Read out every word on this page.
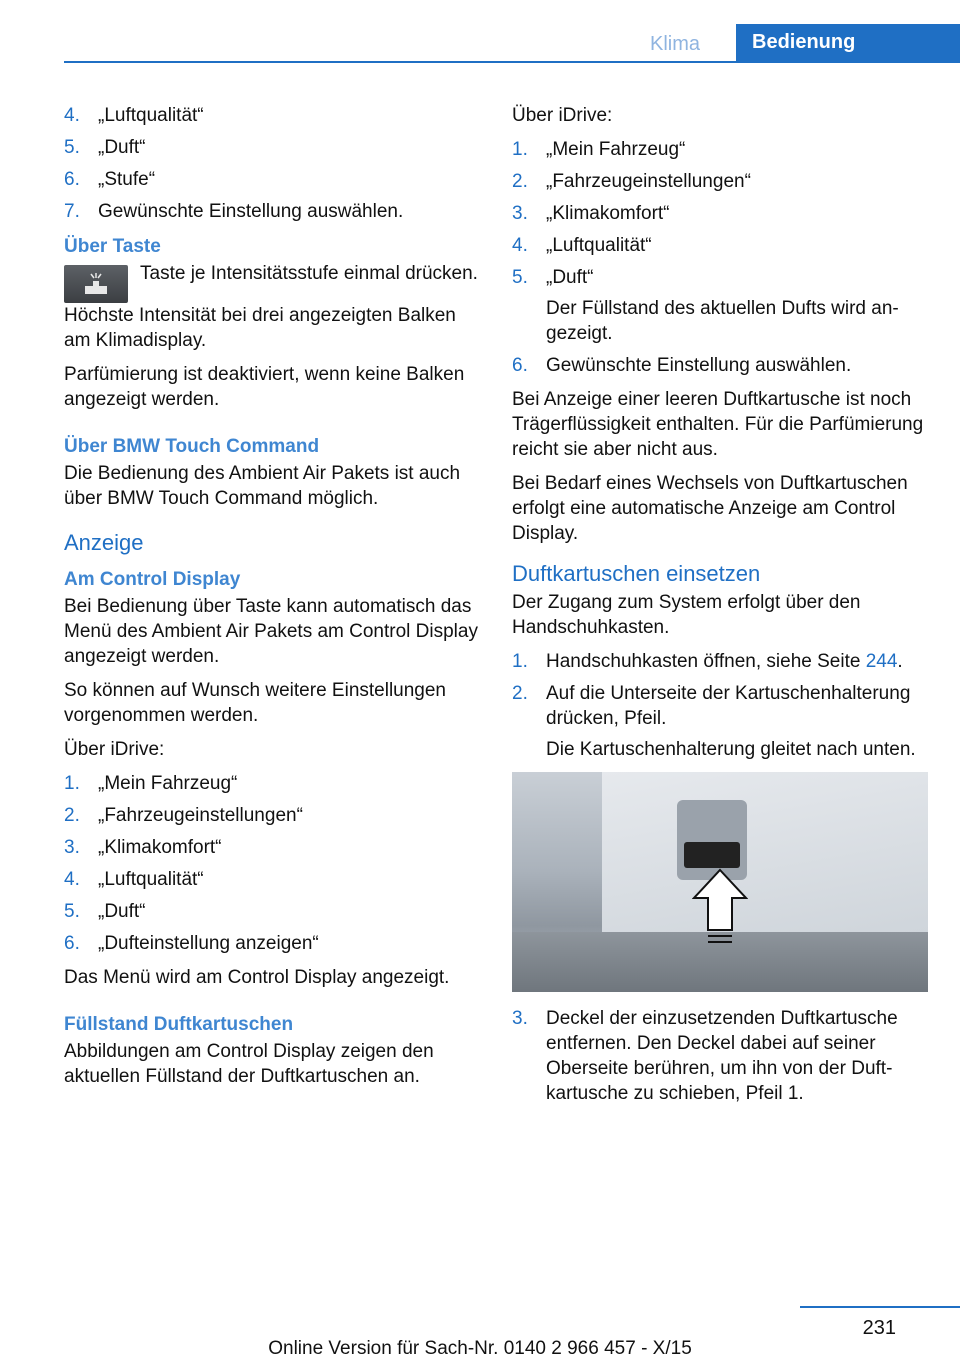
Klima	Bedienung
4. „Luftqualität“
5. „Duft“
6. „Stufe“
7. Gewünschte Einstellung auswählen.
Über Taste
Taste je Intensitätsstufe einmal drücken.

Höchste Intensität bei drei angezeigten Balken am Klimadisplay.

Parfümierung ist deaktiviert, wenn keine Balken angezeigt werden.

Über BMW Touch Command

Die Bedienung des Ambient Air Pakets ist auch über BMW Touch Command möglich.

Anzeige
Am Control Display

Bei Bedienung über Taste kann automatisch das Menü des Ambient Air Pakets am Control Display angezeigt werden.

So können auf Wunsch weitere Einstellungen vorgenommen werden.

Über iDrive:

1. „Mein Fahrzeug“
2. „Fahrzeugeinstellungen“
3. „Klimakomfort“
4. „Luftqualität“
5. „Duft“
6. „Dufteinstellung anzeigen“

Das Menü wird am Control Display angezeigt.

Füllstand Duftkartuschen

Abbildungen am Control Display zeigen den aktuellen Füllstand der Duftkartuschen an.

Über iDrive:

1. „Mein Fahrzeug“
2. „Fahrzeugeinstellungen“
3. „Klimakomfort“
4. „Luftqualität“
5. „Duft“
Der Füllstand des aktuellen Dufts wird angezeigt.
6. Gewünschte Einstellung auswählen.

Bei Anzeige einer leeren Duftkartusche ist noch Trägerflüssigkeit enthalten. Für die Parfümierung reicht sie aber nicht aus.

Bei Bedarf eines Wechsels von Duftkartuschen erfolgt eine automatische Anzeige am Control Display.

Duftkartuschen einsetzen

Der Zugang zum System erfolgt über den Handschuhkasten.

1. Handschuhkasten öffnen, siehe Seite 244.
2. Auf die Unterseite der Kartuschenhalterung drücken, Pfeil.
Die Kartuschenhalterung gleitet nach unten.
3. Deckel der einzusetzenden Duftkartusche entfernen. Den Deckel dabei auf seiner Oberseite berühren, um ihn von der Duftkartusche zu schieben, Pfeil 1.
231
Online Version für Sach-Nr. 0140 2 966 457 - X/15
